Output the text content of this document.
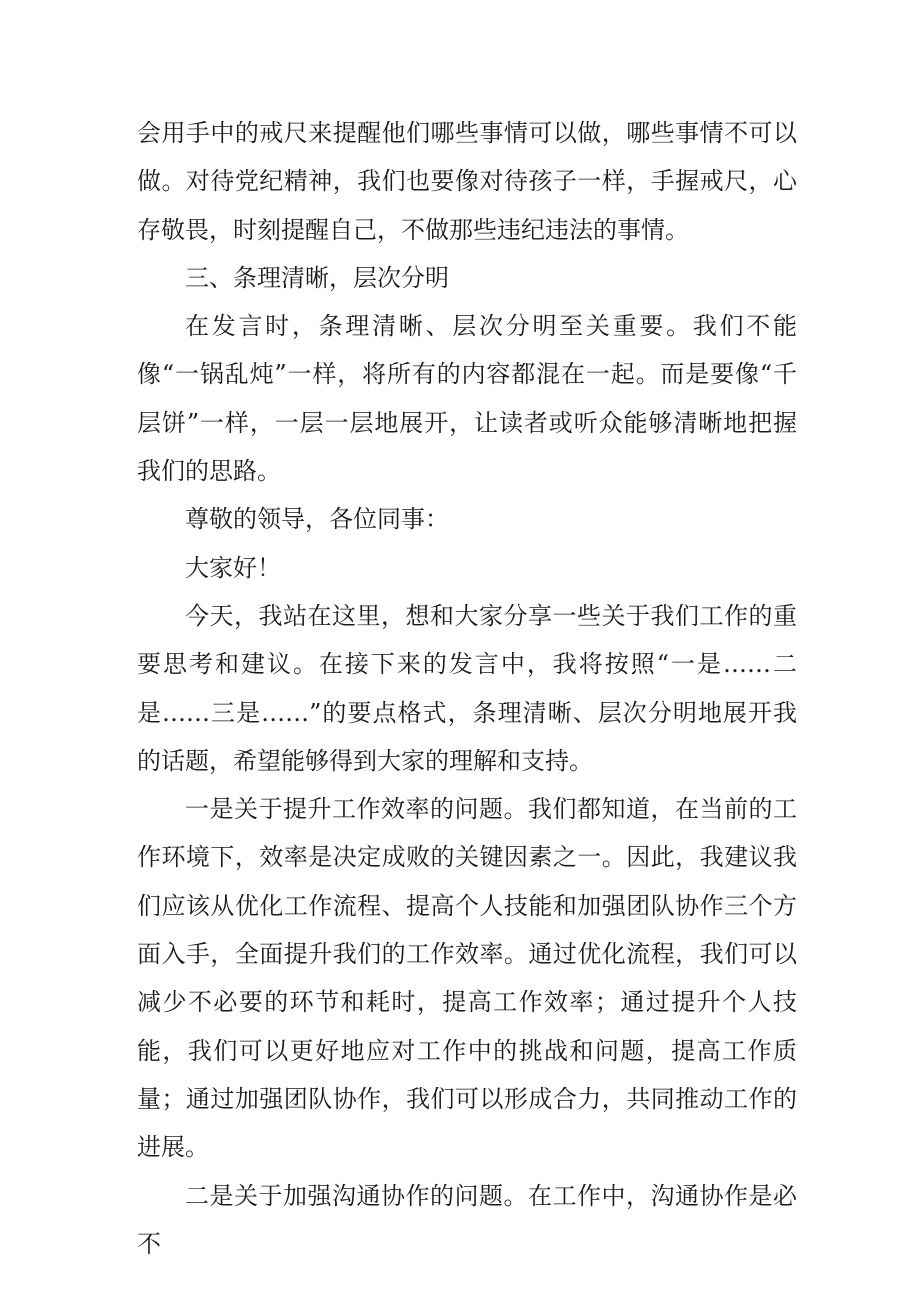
会用手中的戒尺来提醒他们哪些事情可以做，哪些事情不可以做。对待党纪精神，我们也要像对待孩子一样，手握戒尺，心存敬畏，时刻提醒自己，不做那些违纪违法的事情。

三、条理清晰，层次分明

在发言时，条理清晰、层次分明至关重要。我们不能像“一锅乱炖”一样，将所有的内容都混在一起。而是要像“千层饼”一样，一层一层地展开，让读者或听众能够清晰地把握我们的思路。

尊敬的领导，各位同事：

大家好！

今天，我站在这里，想和大家分享一些关于我们工作的重要思考和建议。在接下来的发言中，我将按照“一是……二是……三是……”的要点格式，条理清晰、层次分明地展开我的话题，希望能够得到大家的理解和支持。

一是关于提升工作效率的问题。我们都知道，在当前的工作环境下，效率是决定成败的关键因素之一。因此，我建议我们应该从优化工作流程、提高个人技能和加强团队协作三个方面入手，全面提升我们的工作效率。通过优化流程，我们可以减少不必要的环节和耗时，提高工作效率；通过提升个人技能，我们可以更好地应对工作中的挑战和问题，提高工作质量；通过加强团队协作，我们可以形成合力，共同推动工作的进展。

二是关于加强沟通协作的问题。在工作中，沟通协作是必不
